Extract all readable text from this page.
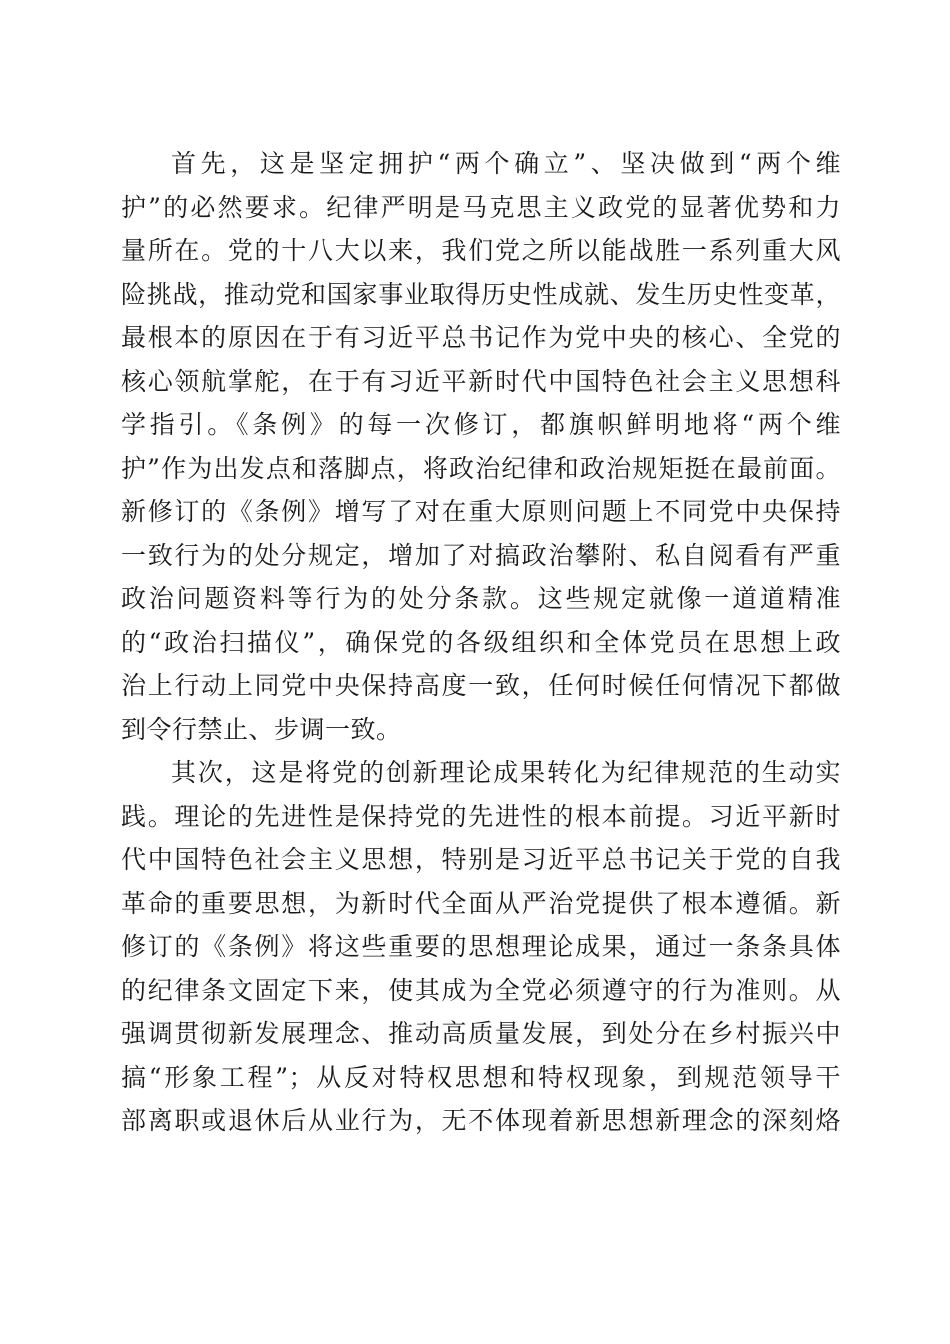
首先，这是坚定拥护“两个确立”、坚决做到“两个维
护”的必然要求。纪律严明是马克思主义政党的显著优势和力
量所在。党的十八大以来，我们党之所以能战胜一系列重大风
险挑战，推动党和国家事业取得历史性成就、发生历史性变革，
最根本的原因在于有习近平总书记作为党中央的核心、全党的
核心领航掌舵，在于有习近平新时代中国特色社会主义思想科
学指引。《条例》的每一次修订，都旗帜鲜明地将“两个维
护”作为出发点和落脚点，将政治纪律和政治规矩挺在最前面。
新修订的《条例》增写了对在重大原则问题上不同党中央保持
一致行为的处分规定，增加了对搞政治攀附、私自阅看有严重
政治问题资料等行为的处分条款。这些规定就像一道道精准
的“政治扫描仪”，确保党的各级组织和全体党员在思想上政
治上行动上同党中央保持高度一致，任何时候任何情况下都做
到令行禁止、步调一致。
其次，这是将党的创新理论成果转化为纪律规范的生动实
践。理论的先进性是保持党的先进性的根本前提。习近平新时
代中国特色社会主义思想，特别是习近平总书记关于党的自我
革命的重要思想，为新时代全面从严治党提供了根本遵循。新
修订的《条例》将这些重要的思想理论成果，通过一条条具体
的纪律条文固定下来，使其成为全党必须遵守的行为准则。从
强调贯彻新发展理念、推动高质量发展，到处分在乡村振兴中
搞“形象工程”；从反对特权思想和特权现象，到规范领导干
部离职或退休后从业行为，无不体现着新思想新理念的深刻烙
